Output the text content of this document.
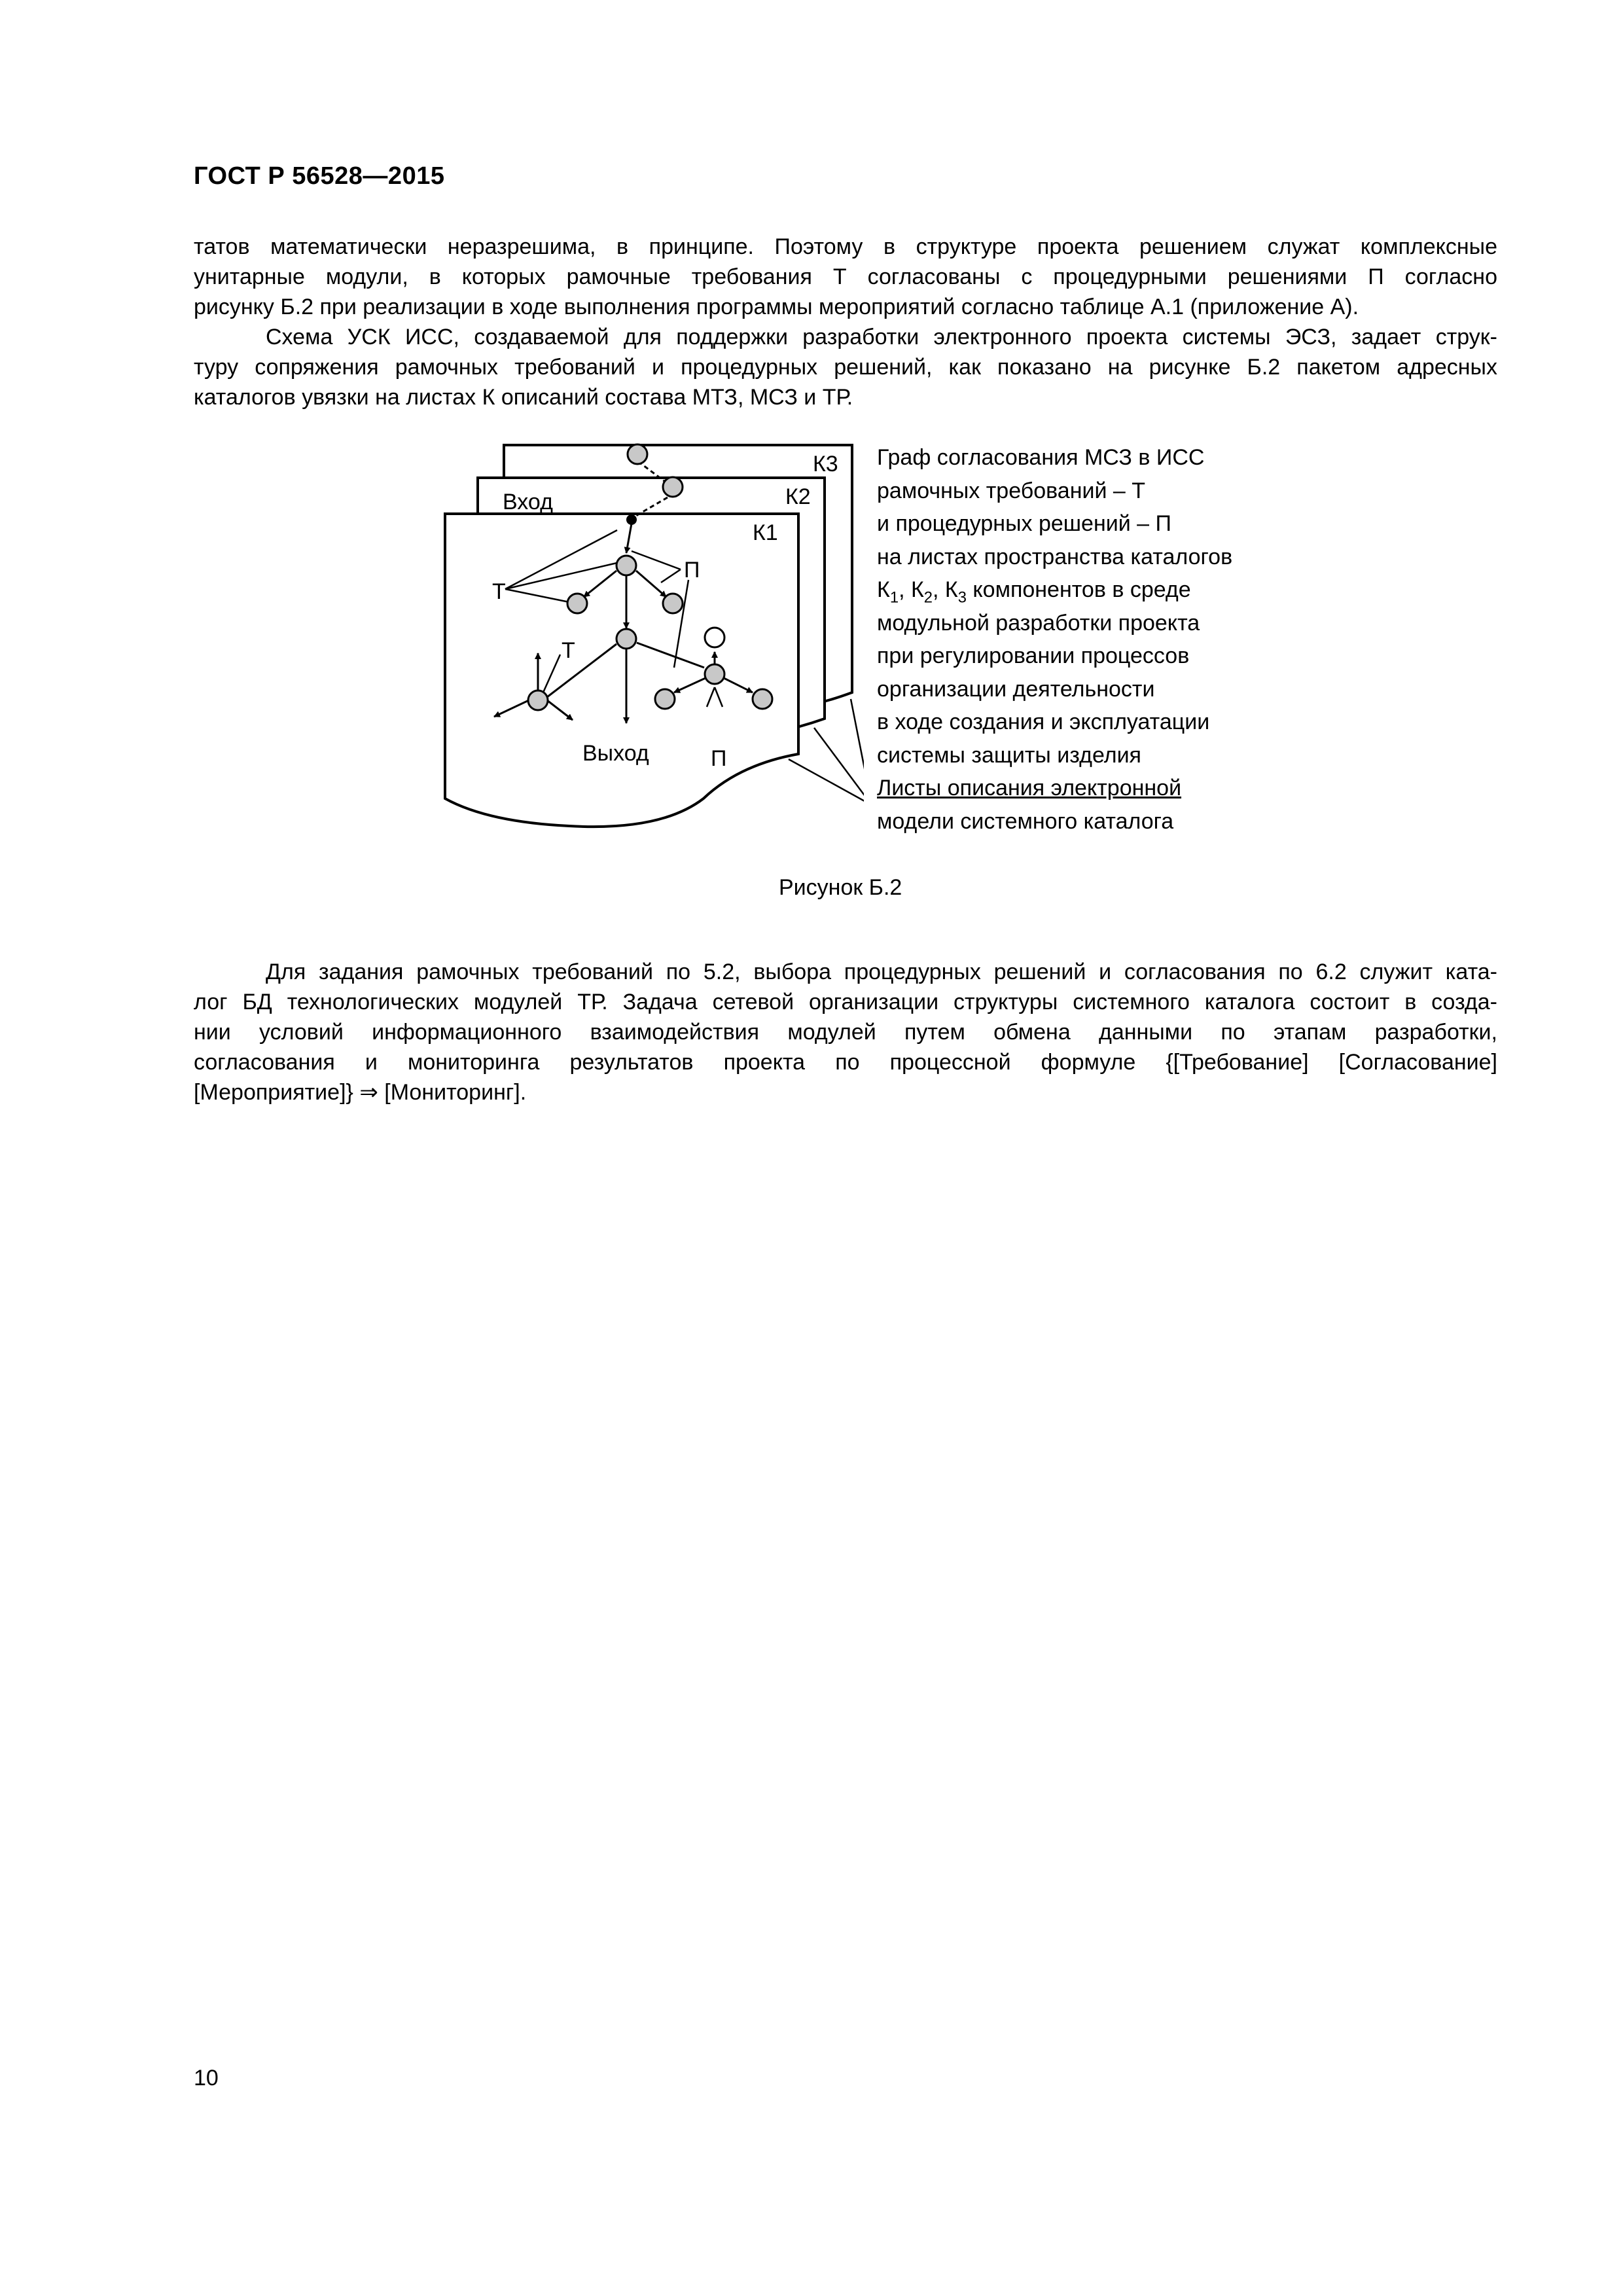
ГОСТ Р 56528—2015
татов математически неразрешима, в принципе. Поэтому в структуре проекта решением служат комплексные
унитарные модули, в которых рамочные требования Т согласованы с процедурными решениями П согласно
рисунку Б.2 при реализации в ходе выполнения программы мероприятий согласно таблице А.1 (приложение А).
Схема УСК ИСС, создаваемой для поддержки разработки электронного проекта системы ЭСЗ, задает струк-
туру сопряжения рамочных требований и процедурных решений, как показано на рисунке Б.2 пакетом адресных
каталогов увязки на листах К описаний состава МТЗ, МСЗ и ТР.
К3
К2
К1
Вход
Выход
Т
Т
П
П
Граф согласования МСЗ в ИСС
рамочных требований – Т
и процедурных решений – П
на листах пространства каталогов
$К_1$, $К_2$, $К_3$ компонентов в среде
модульной разработки проекта
при регулировании процессов
организации деятельности
в ходе создания и эксплуатации
системы защиты изделия
Листы описания электронной
модели системного каталога
Рисунок Б.2
Для задания рамочных требований по 5.2, выбора процедурных решений и согласования по 6.2 служит ката-
лог БД технологических модулей ТР. Задача сетевой организации структуры системного каталога состоит в созда-
нии условий информационного взаимодействия модулей путем обмена данными по этапам разработки,
согласования и мониторинга результатов проекта по процессной формуле {[Требование] [Согласование]
[Мероприятие]} ⇒ [Мониторинг].
10
